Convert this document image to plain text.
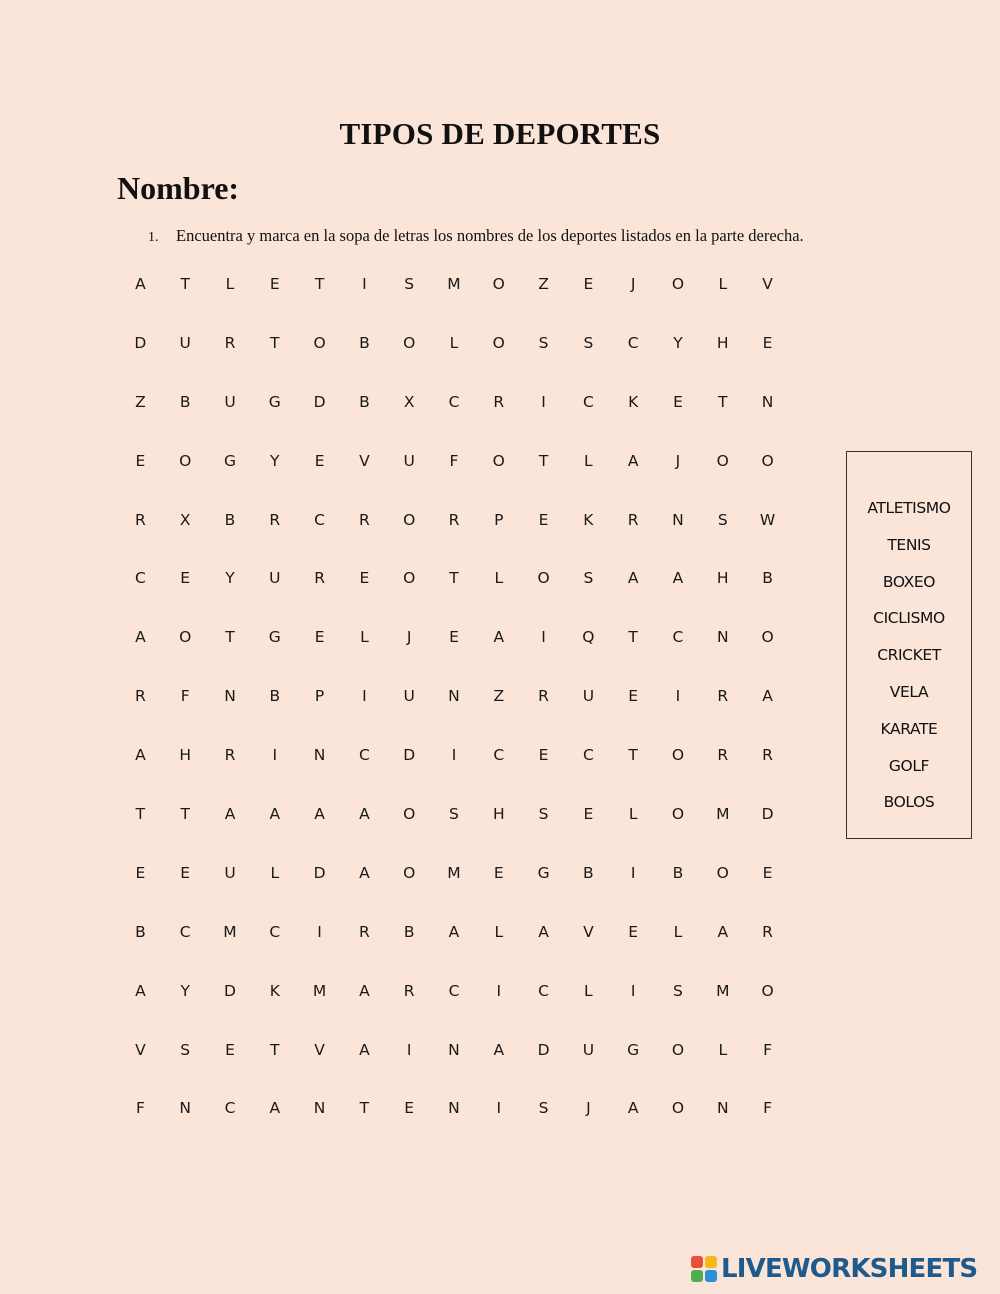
TIPOS DE DEPORTES
Nombre:
1. Encuentra y marca en la sopa de letras los nombres de los deportes listados en la parte derecha.
A	T	L	E	T	I	S	M	O	Z	E	J	O	L	V
D	U	R	T	O	B	O	L	O	S	S	C	Y	H	E
Z	B	U	G	D	B	X	C	R	I	C	K	E	T	N
E	O	G	Y	E	V	U	F	O	T	L	A	J	O	O
R	X	B	R	C	R	O	R	P	E	K	R	N	S	W
C	E	Y	U	R	E	O	T	L	O	S	A	A	H	B
A	O	T	G	E	L	J	E	A	I	Q	T	C	N	O
R	F	N	B	P	I	U	N	Z	R	U	E	I	R	A
A	H	R	I	N	C	D	I	C	E	C	T	O	R	R
T	T	A	A	A	A	O	S	H	S	E	L	O	M	D
E	E	U	L	D	A	O	M	E	G	B	I	B	O	E
B	C	M	C	I	R	B	A	L	A	V	E	L	A	R
A	Y	D	K	M	A	R	C	I	C	L	I	S	M	O
V	S	E	T	V	A	I	N	A	D	U	G	O	L	F
F	N	C	A	N	T	E	N	I	S	J	A	O	N	F
ATLETISMO
TENIS
BOXEO
CICLISMO
CRICKET
VELA
KARATE
GOLF
BOLOS
LIVEWORKSHEETS
